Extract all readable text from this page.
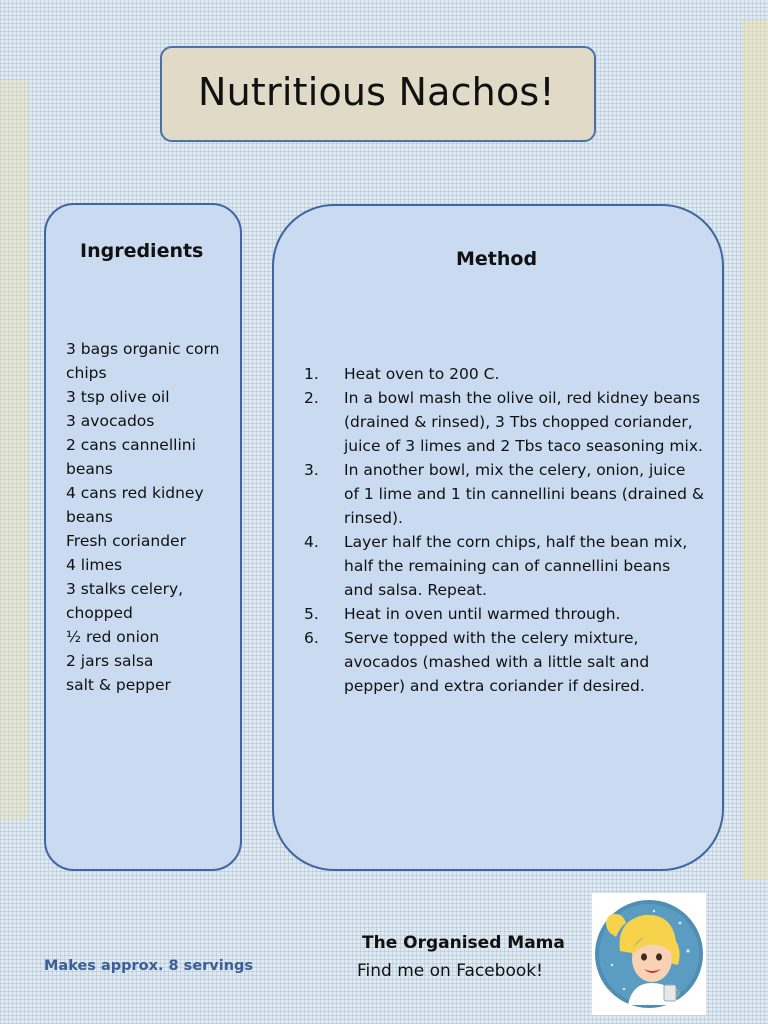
Nutritious Nachos!
Ingredients
3 bags organic corn chips
3 tsp olive oil
3 avocados
2 cans cannellini beans
4 cans red kidney beans
Fresh coriander
4 limes
3 stalks celery, chopped
½ red onion
2 jars salsa
salt & pepper
Method
1.	Heat oven to 200 C.
2.	In a bowl mash the olive oil, red kidney beans (drained & rinsed), 3 Tbs chopped coriander, juice of 3 limes and 2 Tbs taco seasoning mix.
3.	In another bowl, mix the celery, onion, juice of 1 lime and 1 tin cannellini beans (drained & rinsed).
4.	Layer half the corn chips, half the bean mix, half the remaining can of cannellini beans and salsa. Repeat.
5.	Heat in oven until warmed through.
6.	Serve topped with the celery mixture, avocados (mashed with a little salt and pepper) and extra coriander if desired.
Makes approx. 8 servings
The Organised Mama
Find me on Facebook!
